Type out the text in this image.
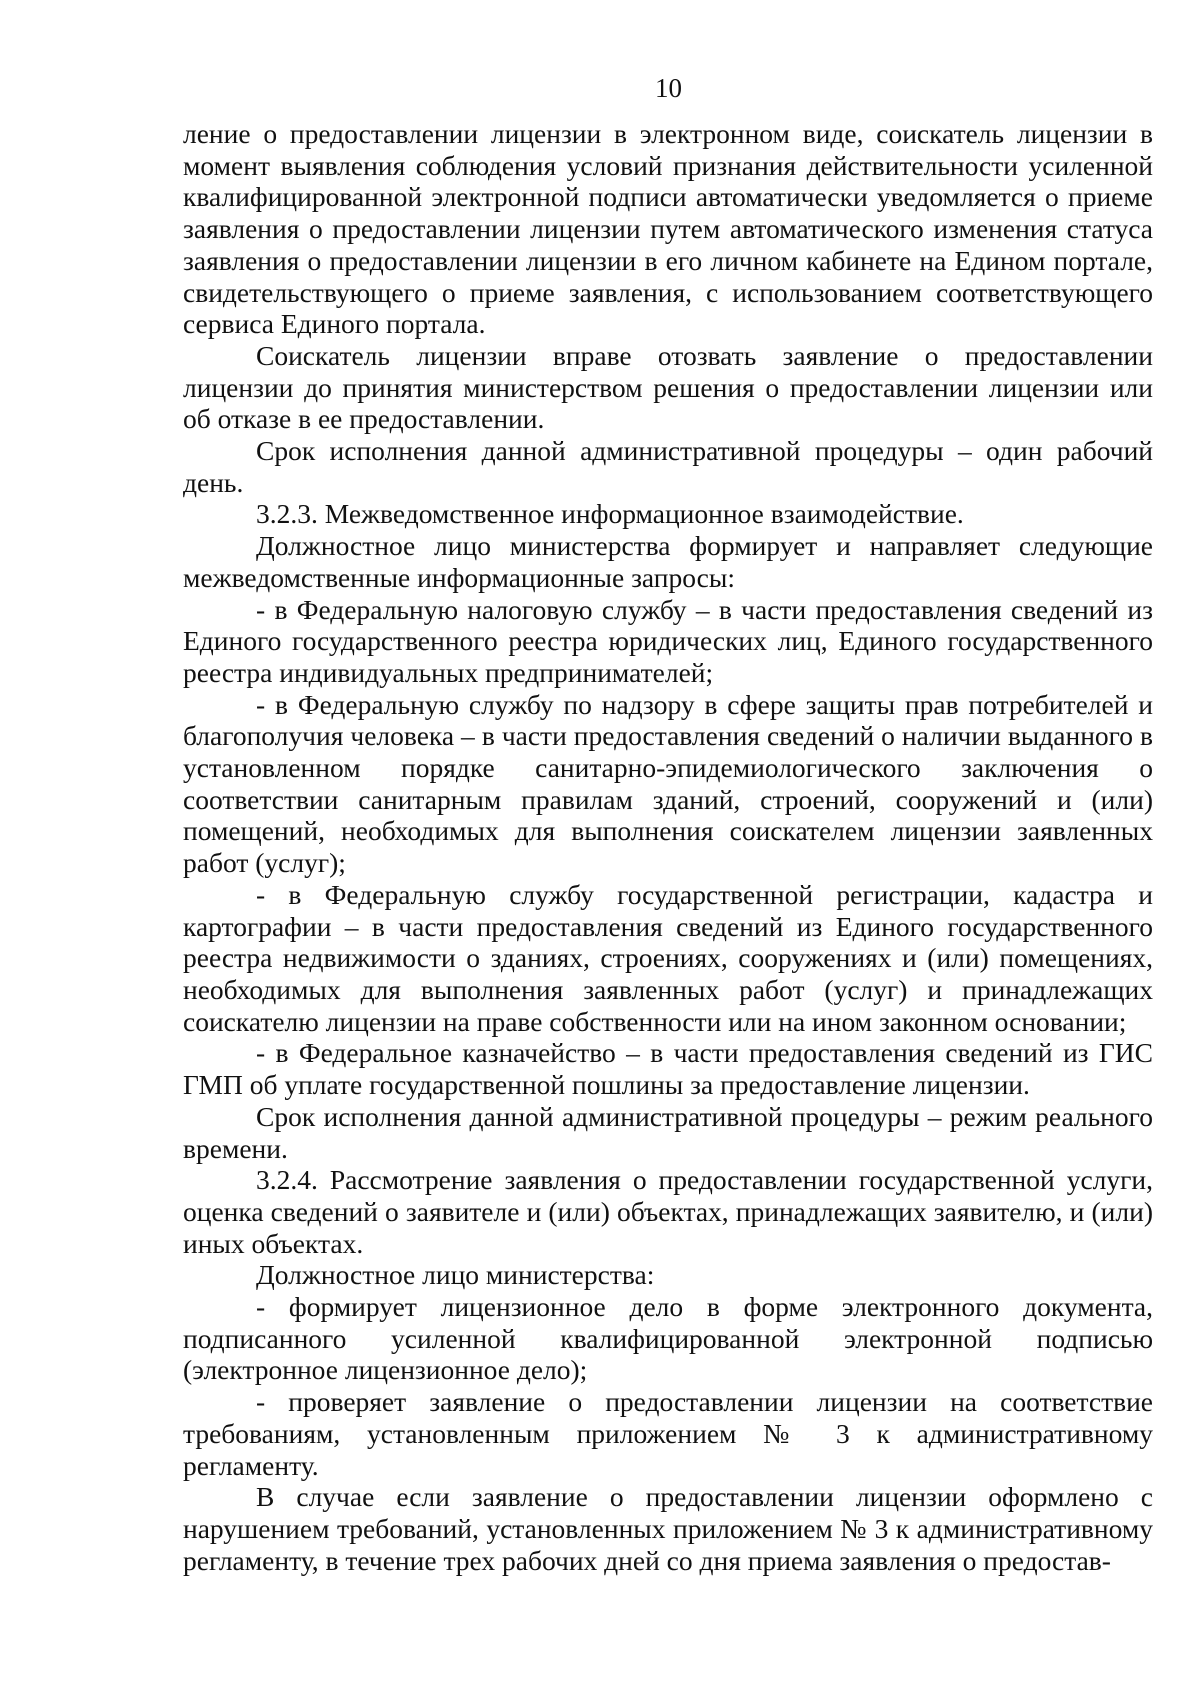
10

ление о предоставлении лицензии в электронном виде, соискатель лицензии в момент выявления соблюдения условий признания действительности усиленной квалифицированной электронной подписи автоматически уведомляется о приеме заявления о предоставлении лицензии путем автоматического изменения статуса заявления о предоставлении лицензии в его личном кабинете на Едином портале, свидетельствующего о приеме заявления, с использованием соответствующего сервиса Единого портала.

Соискатель лицензии вправе отозвать заявление о предоставлении лицензии до принятия министерством решения о предоставлении лицензии или об отказе в ее предоставлении.

Срок исполнения данной административной процедуры – один рабочий день.

3.2.3. Межведомственное информационное взаимодействие.

Должностное лицо министерства формирует и направляет следующие межведомственные информационные запросы:

- в Федеральную налоговую службу – в части предоставления сведений из Единого государственного реестра юридических лиц, Единого государственного реестра индивидуальных предпринимателей;

- в Федеральную службу по надзору в сфере защиты прав потребителей и благополучия человека – в части предоставления сведений о наличии выданного в установленном порядке санитарно-эпидемиологического заключения о соответствии санитарным правилам зданий, строений, сооружений и (или) помещений, необходимых для выполнения соискателем лицензии заявленных работ (услуг);

- в Федеральную службу государственной регистрации, кадастра и картографии – в части предоставления сведений из Единого государственного реестра недвижимости о зданиях, строениях, сооружениях и (или) помещениях, необходимых для выполнения заявленных работ (услуг) и принадлежащих соискателю лицензии на праве собственности или на ином законном основании;

- в Федеральное казначейство – в части предоставления сведений из ГИС ГМП об уплате государственной пошлины за предоставление лицензии.

Срок исполнения данной административной процедуры – режим реального времени.

3.2.4. Рассмотрение заявления о предоставлении государственной услуги, оценка сведений о заявителе и (или) объектах, принадлежащих заявителю, и (или) иных объектах.

Должностное лицо министерства:

- формирует лицензионное дело в форме электронного документа, подписанного усиленной квалифицированной электронной подписью (электронное лицензионное дело);

- проверяет заявление о предоставлении лицензии на соответствие требованиям, установленным приложением № 3 к административному регламенту.

В случае если заявление о предоставлении лицензии оформлено с нарушением требований, установленных приложением № 3 к административному регламенту, в течение трех рабочих дней со дня приема заявления о предостав-
